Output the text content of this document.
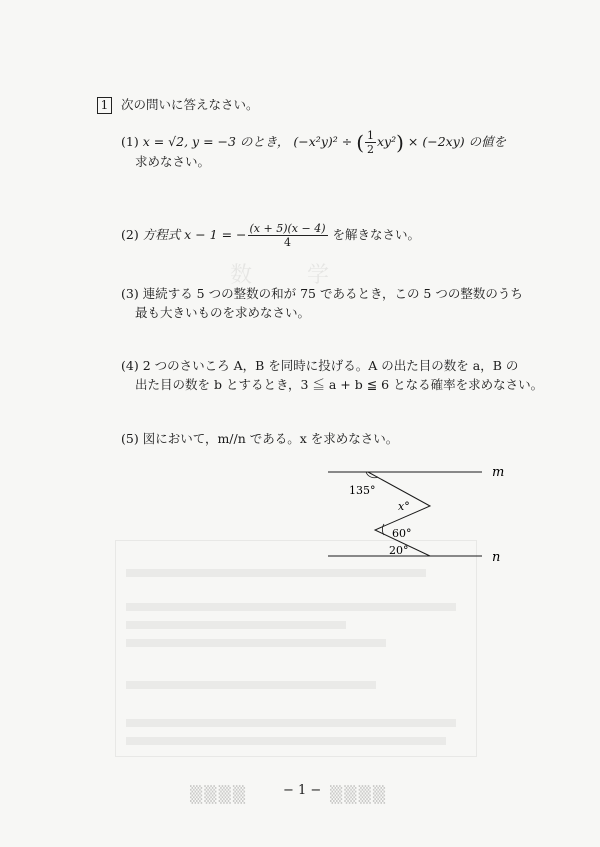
数 学
1 次の問いに答えなさい。
(1) x = √2, y = −3 のとき， (−x²y)² ÷ ( $\frac{1}{2} xy^2) \times (-2xy)$ の値を
求めなさい。
(2) 方程式 x − 1 = − $\frac{(x + 5)(x - 4)}{4}$ を解きなさい。
(3) 連続する 5 つの整数の和が 75 であるとき，この 5 つの整数のうち
最も大きいものを求めなさい。
(4) 2 つのさいころ A，B を同時に投げる。A の出た目の数を a，B の
出た目の数を b とするとき，3 ≦ a + b ≦ 6 となる確率を求めなさい。
(5) 図において，m//n である。x を求めなさい。
m
n
135°
x°
60°
20°
− 1 −
▒▒▒▒	▒▒▒▒
